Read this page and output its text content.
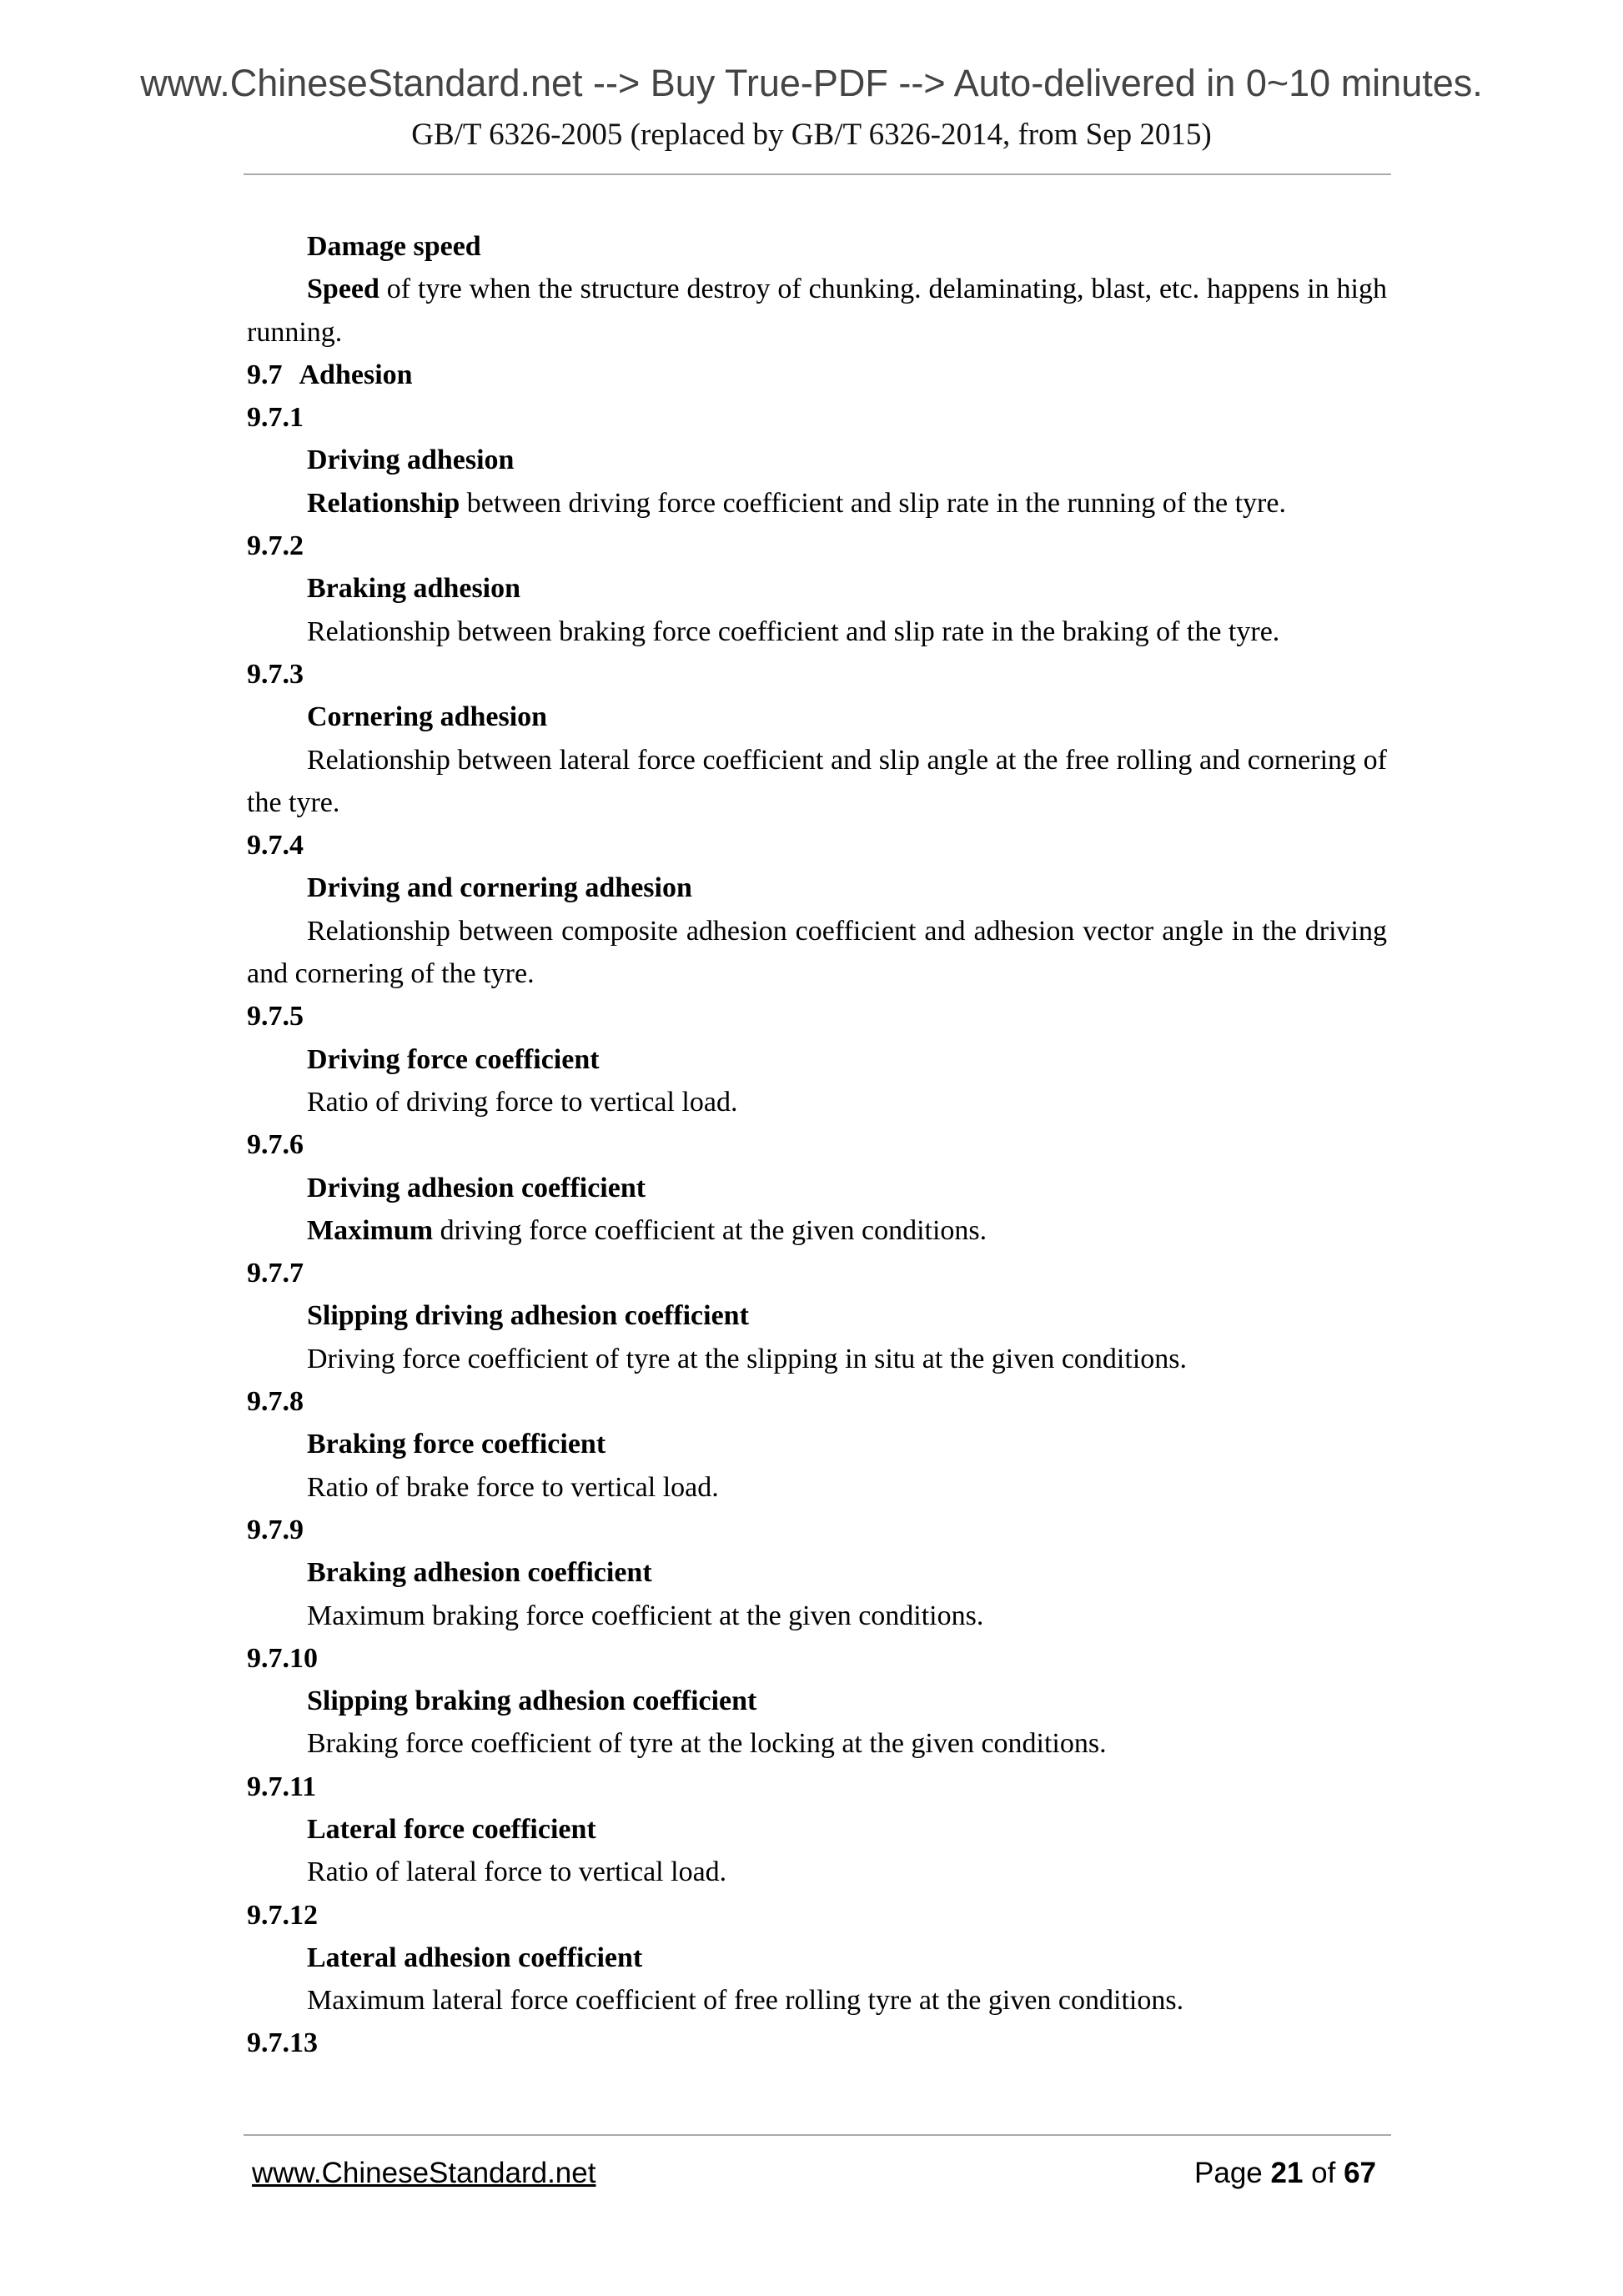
www.ChineseStandard.net --> Buy True-PDF --> Auto-delivered in 0~10 minutes.
GB/T 6326-2005 (replaced by GB/T 6326-2014, from Sep 2015)

Damage speed

Speed of tyre when the structure destroy of chunking. delaminating, blast, etc. happens in high running.

9.7 Adhesion

9.7.1

Driving adhesion

Relationship between driving force coefficient and slip rate in the running of the tyre.

9.7.2

Braking adhesion

Relationship between braking force coefficient and slip rate in the braking of the tyre.

9.7.3

Cornering adhesion

Relationship between lateral force coefficient and slip angle at the free rolling and cornering of the tyre.

9.7.4

Driving and cornering adhesion

Relationship between composite adhesion coefficient and adhesion vector angle in the driving and cornering of the tyre.

9.7.5

Driving force coefficient

Ratio of driving force to vertical load.

9.7.6

Driving adhesion coefficient

Maximum driving force coefficient at the given conditions.

9.7.7

Slipping driving adhesion coefficient

Driving force coefficient of tyre at the slipping in situ at the given conditions.

9.7.8

Braking force coefficient

Ratio of brake force to vertical load.

9.7.9

Braking adhesion coefficient

Maximum braking force coefficient at the given conditions.

9.7.10

Slipping braking adhesion coefficient

Braking force coefficient of tyre at the locking at the given conditions.

9.7.11

Lateral force coefficient

Ratio of lateral force to vertical load.

9.7.12

Lateral adhesion coefficient

Maximum lateral force coefficient of free rolling tyre at the given conditions.

9.7.13

www.ChineseStandard.net	Page 21 of 67
